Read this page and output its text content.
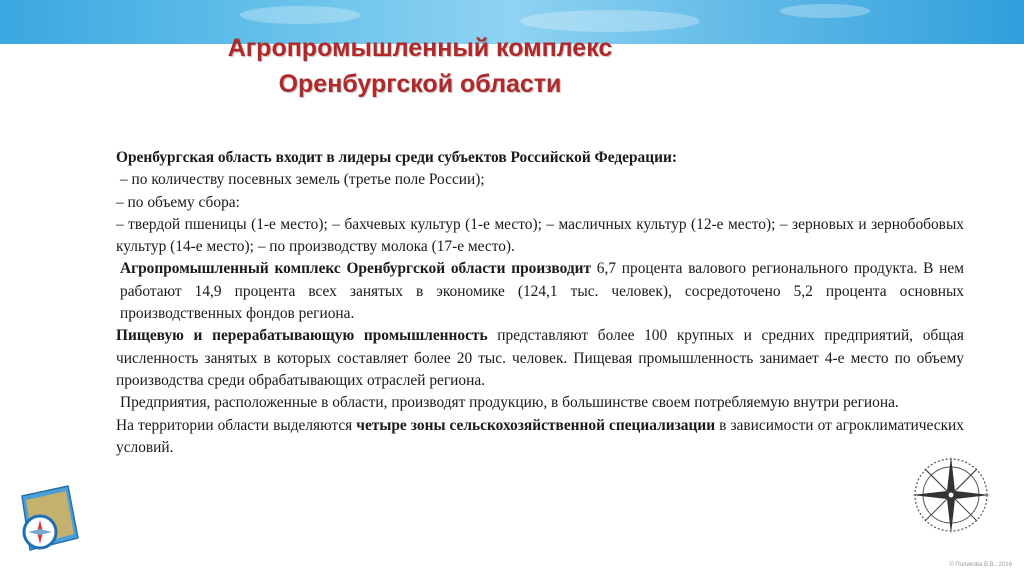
Агропромышленный комплекс
Оренбургской области

Оренбургская область входит в лидеры среди субъектов Российской Федерации:

– по количеству посевных земель (третье поле России);

– по объему сбора:

– твердой пшеницы (1-е место); – бахчевых культур (1-е место); – масличных культур (12-е место); – зерновых и зернобобовых культур (14-е место); – по производству молока (17-е место).

Агропромышленный комплекс Оренбургской области производит 6,7 процента валового регионального продукта. В нем работают 14,9 процента всех занятых в экономике (124,1 тыс. человек), сосредоточено 5,2 процента основных производственных фондов региона.

Пищевую и перерабатывающую промышленность представляют более 100 крупных и средних предприятий, общая численность занятых в которых составляет более 20 тыс. человек. Пищевая промышленность занимает 4-е место по объему производства среди обрабатывающих отраслей региона.

Предприятия, расположенные в области, производят продукцию, в большинстве своем потребляемую внутри региона.

На территории области выделяются четыре зоны сельскохозяйственной специализации в зависимости от агроклиматических условий.

© Поликовa В.В., 2016
